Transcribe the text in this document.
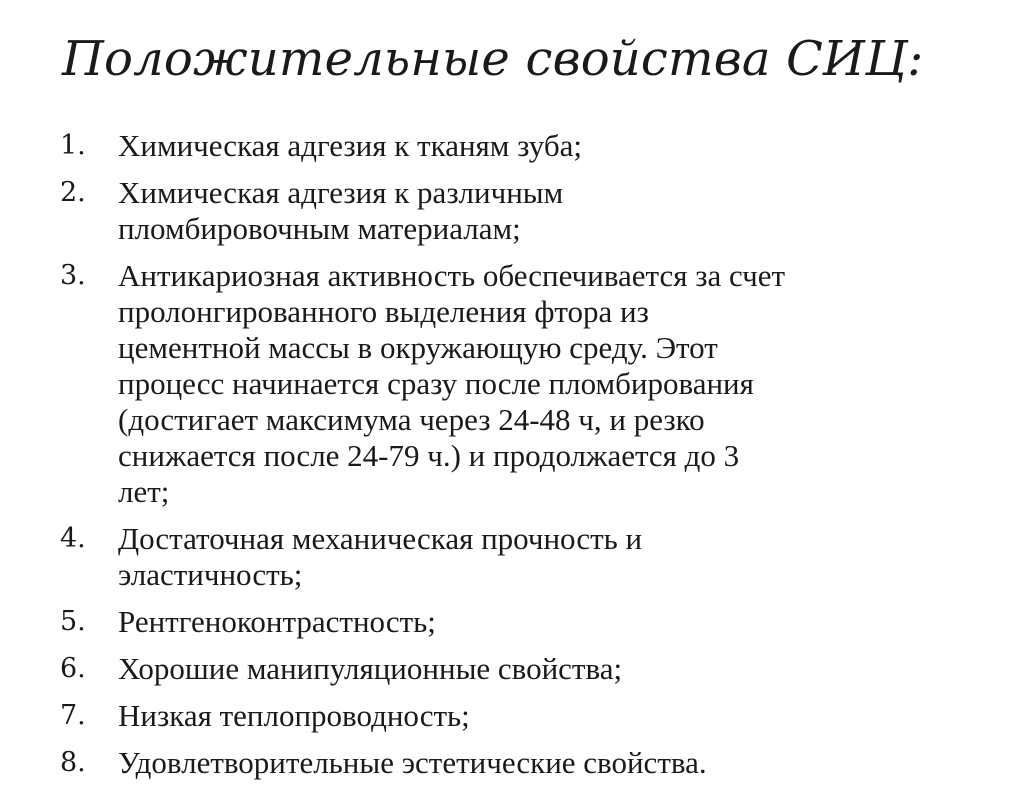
Положительные свойства СИЦ:
1.	Химическая адгезия к тканям зуба;
2.	Химическая адгезия к различным
пломбировочным материалам;
3.	Антикариозная активность обеспечивается за счет
пролонгированного выделения фтора из
цементной массы в окружающую среду. Этот
процесс начинается сразу после пломбирования
(достигает максимума через 24-48 ч, и резко
снижается после 24-79 ч.) и продолжается до 3
лет;
4.	Достаточная механическая прочность и
эластичность;
5.	Рентгеноконтрастность;
6.	Хорошие манипуляционные свойства;
7.	Низкая теплопроводность;
8.	Удовлетворительные эстетические свойства.
